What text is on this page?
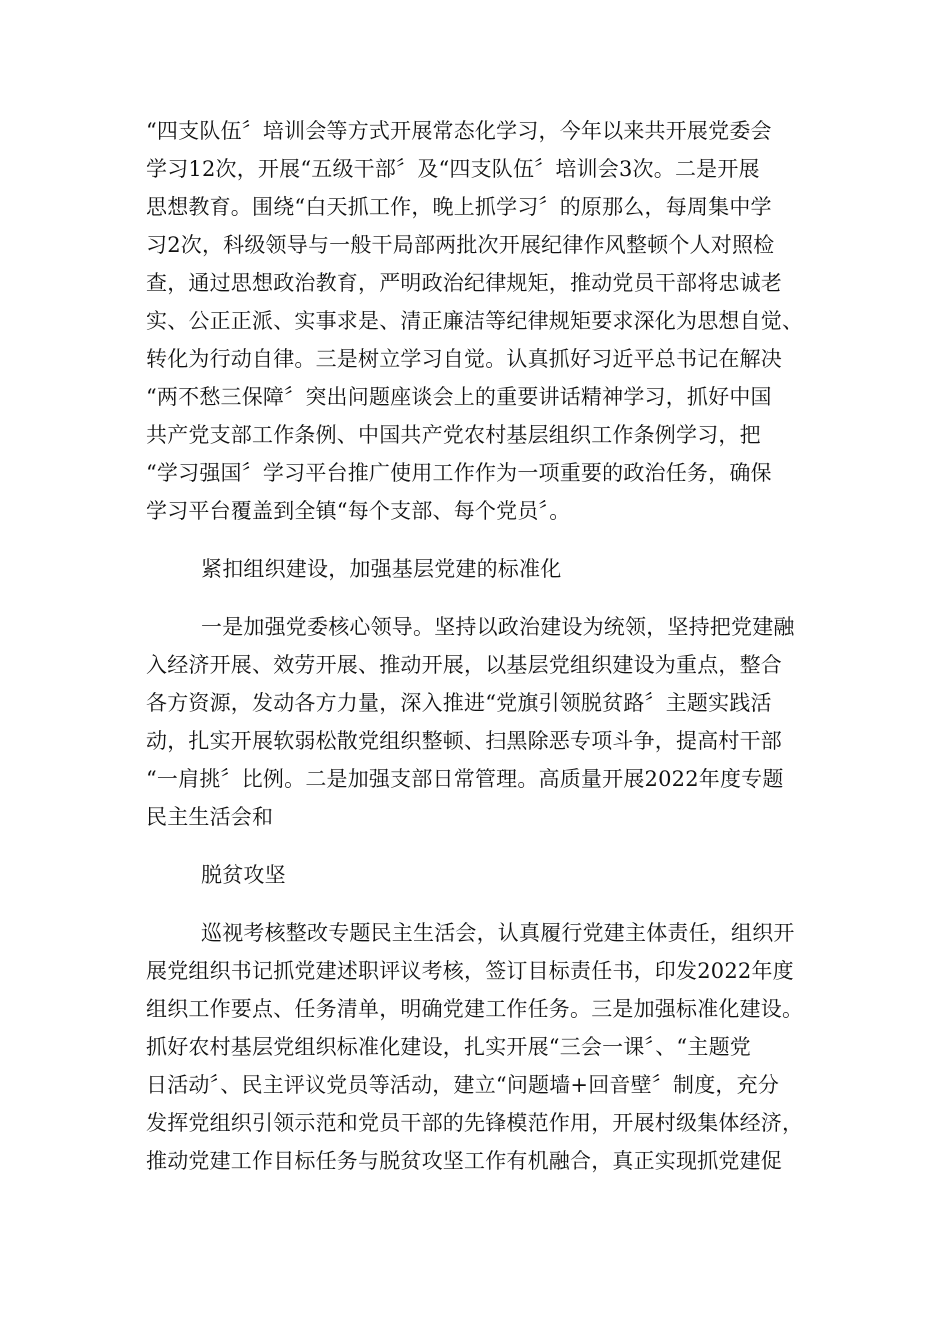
“四支队伍〞培训会等方式开展常态化学习，今年以来共开展党委会
学习12次，开展“五级干部〞及“四支队伍〞培训会3次。二是开展
思想教育。围绕“白天抓工作，晚上抓学习〞的原那么，每周集中学
习2次，科级领导与一般干局部两批次开展纪律作风整顿个人对照检
查，通过思想政治教育，严明政治纪律规矩，推动党员干部将忠诚老
实、公正正派、实事求是、清正廉洁等纪律规矩要求深化为思想自觉、
转化为行动自律。三是树立学习自觉。认真抓好习近平总书记在解决
“两不愁三保障〞突出问题座谈会上的重要讲话精神学习，抓好中国
共产党支部工作条例、中国共产党农村基层组织工作条例学习，把
“学习强国〞学习平台推广使用工作作为一项重要的政治任务，确保
学习平台覆盖到全镇“每个支部、每个党员〞。
紧扣组织建设，加强基层党建的标准化
一是加强党委核心领导。坚持以政治建设为统领，坚持把党建融
入经济开展、效劳开展、推动开展，以基层党组织建设为重点，整合
各方资源，发动各方力量，深入推进“党旗引领脱贫路〞主题实践活
动，扎实开展软弱松散党组织整顿、扫黑除恶专项斗争，提高村干部
“一肩挑〞比例。二是加强支部日常管理。高质量开展2022年度专题
民主生活会和
脱贫攻坚
巡视考核整改专题民主生活会，认真履行党建主体责任，组织开
展党组织书记抓党建述职评议考核，签订目标责任书，印发2022年度
组织工作要点、任务清单，明确党建工作任务。三是加强标准化建设。
抓好农村基层党组织标准化建设，扎实开展“三会一课〞、“主题党
日活动〞、民主评议党员等活动，建立“问题墙+回音壁〞制度，充分
发挥党组织引领示范和党员干部的先锋模范作用，开展村级集体经济，
推动党建工作目标任务与脱贫攻坚工作有机融合，真正实现抓党建促
